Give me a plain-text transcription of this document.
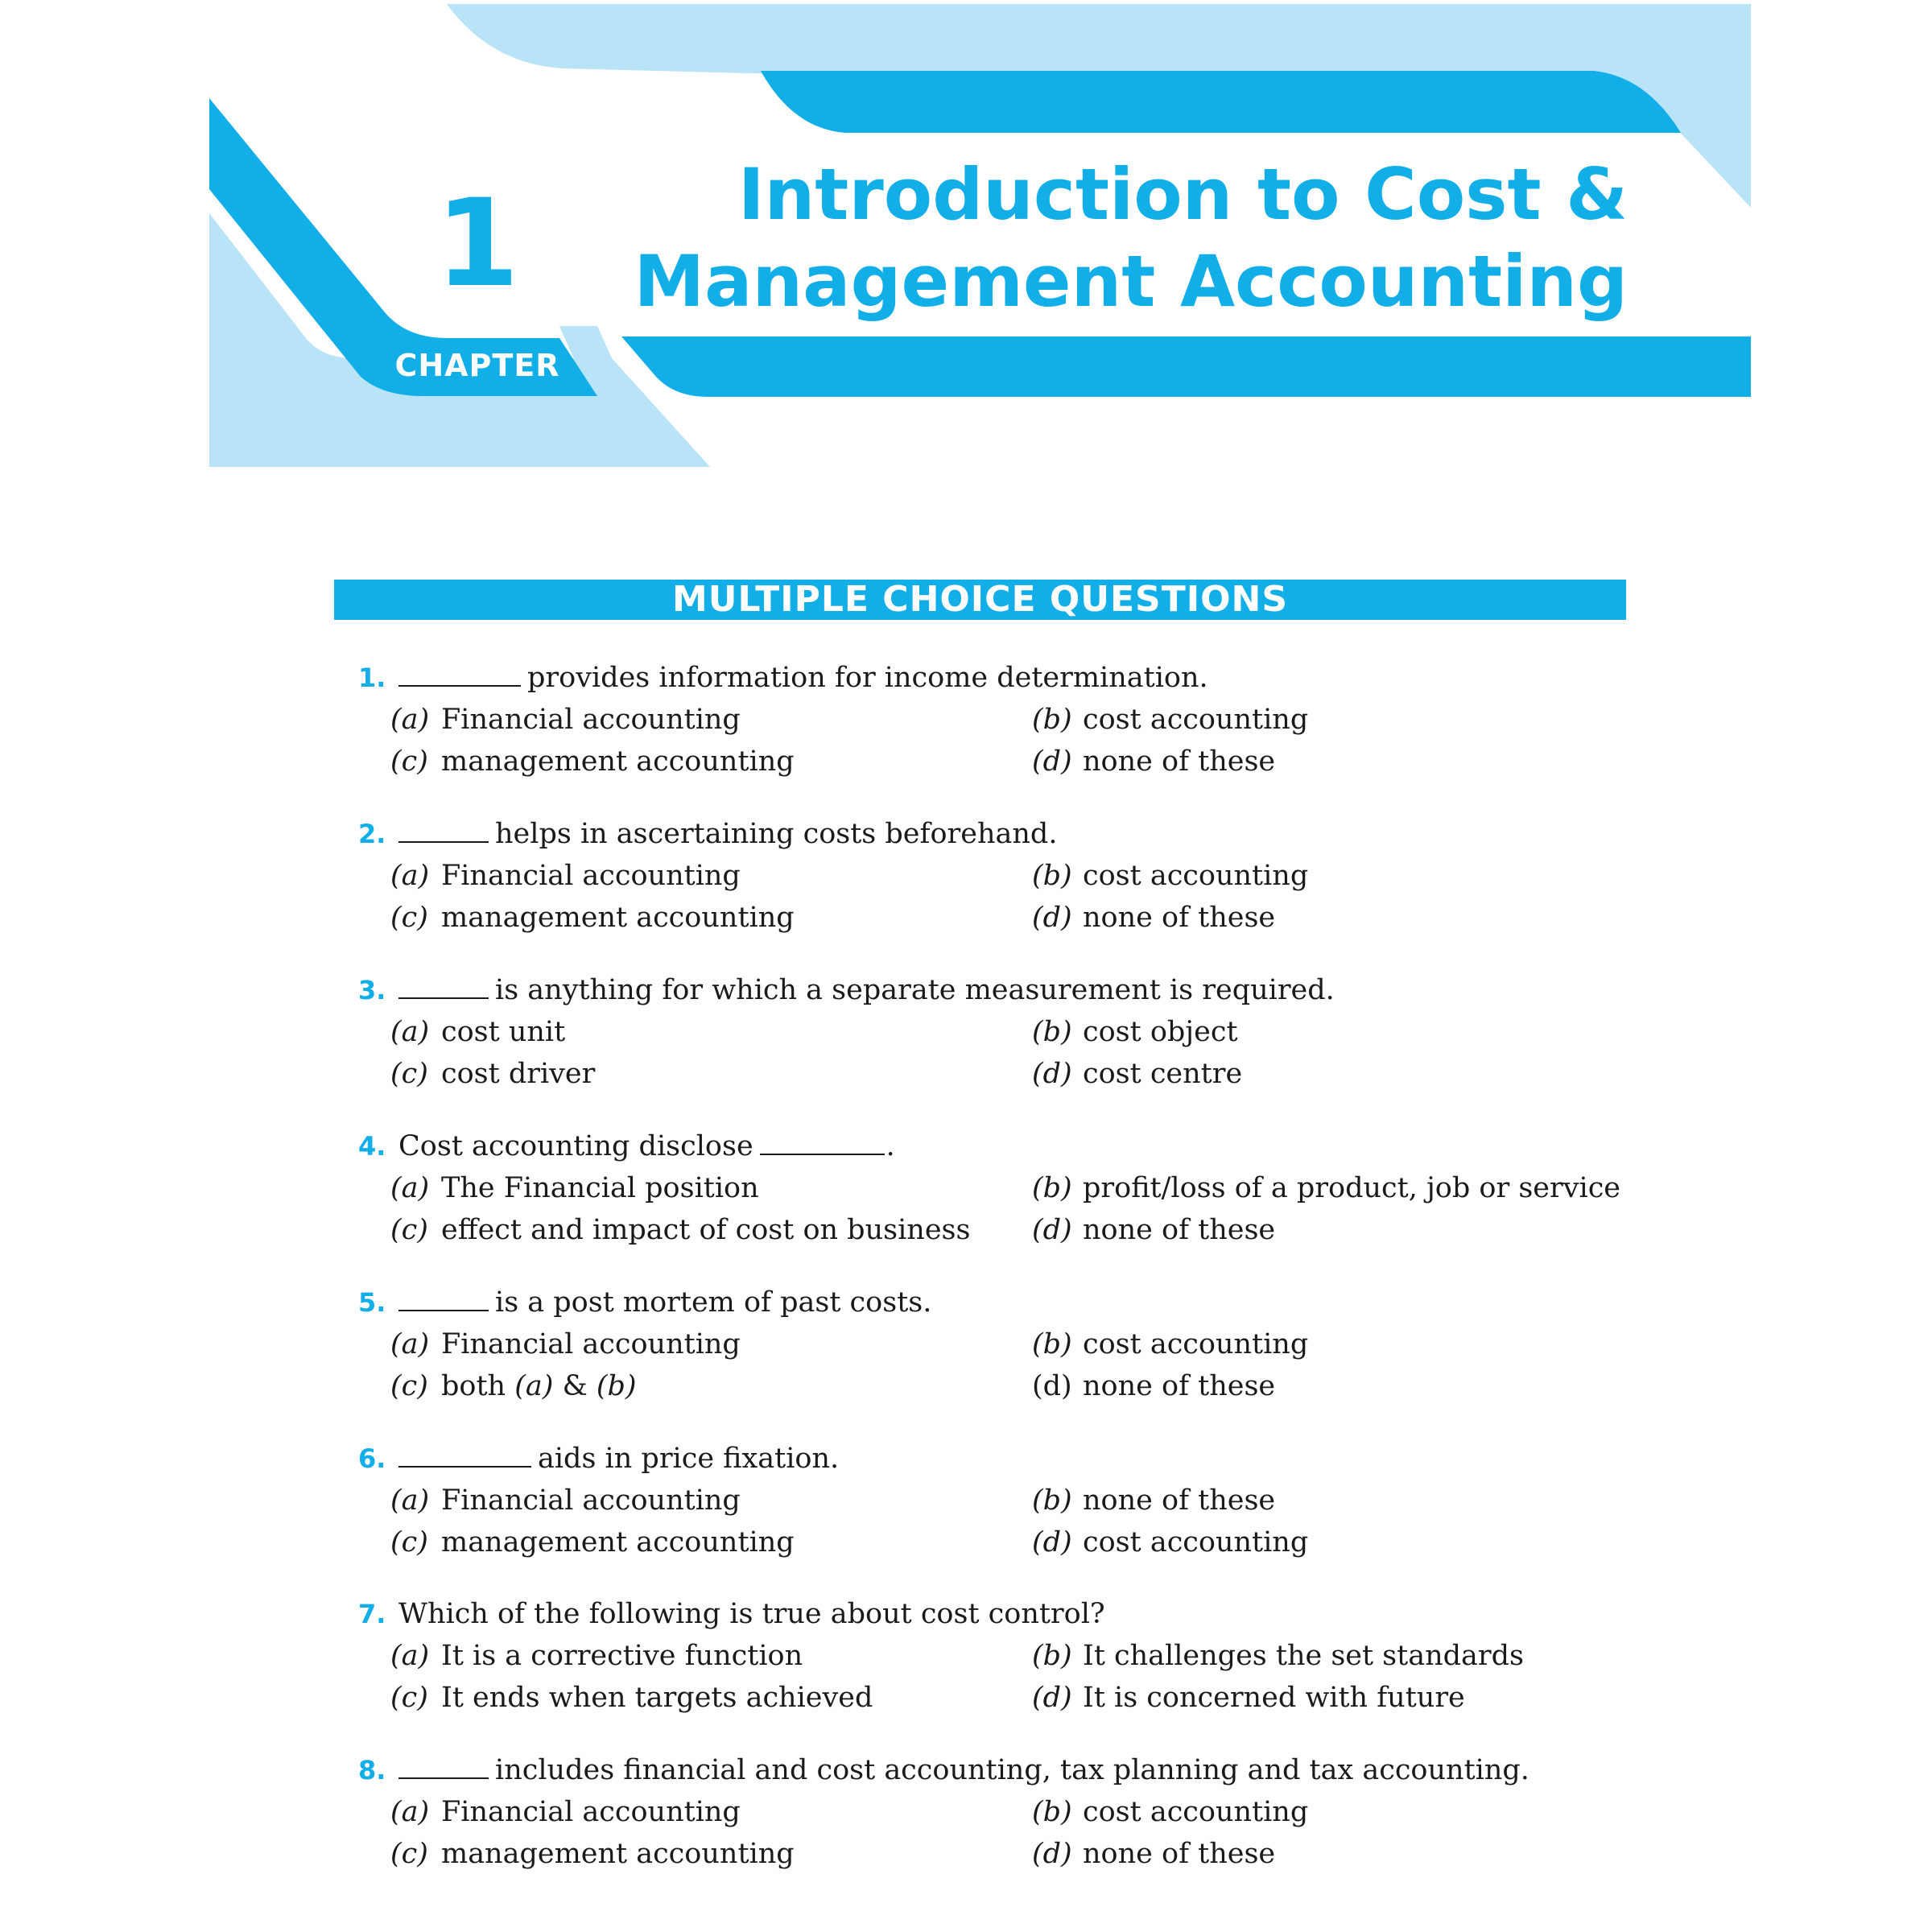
1
CHAPTER
Introduction to Cost &
Management Accounting
MULTIPLE CHOICE QUESTIONS
1.	provides information for income determination.
(a) Financial accounting	(b) cost accounting
(c) management accounting	(d) none of these
2.	helps in ascertaining costs beforehand.
(a) Financial accounting	(b) cost accounting
(c) management accounting	(d) none of these
3.	is anything for which a separate measurement is required.
(a) cost unit	(b) cost object
(c) cost driver	(d) cost centre
4. Cost accounting disclose	.
(a) The Financial position	(b) profit/loss of a product, job or service
(c) effect and impact of cost on business (d) none of these
5.	is a post mortem of past costs.
(a) Financial accounting	(b) cost accounting
(c) both (a) & (b)	(d) none of these
6.	aids in price fixation.
(a) Financial accounting	(b) none of these
(c) management accounting	(d) cost accounting
7. Which of the following is true about cost control?
(a) It is a corrective function	(b) It challenges the set standards
(c) It ends when targets achieved	(d) It is concerned with future
8.	includes financial and cost accounting, tax planning and tax accounting.
(a) Financial accounting	(b) cost accounting
(c) management accounting	(d) none of these
